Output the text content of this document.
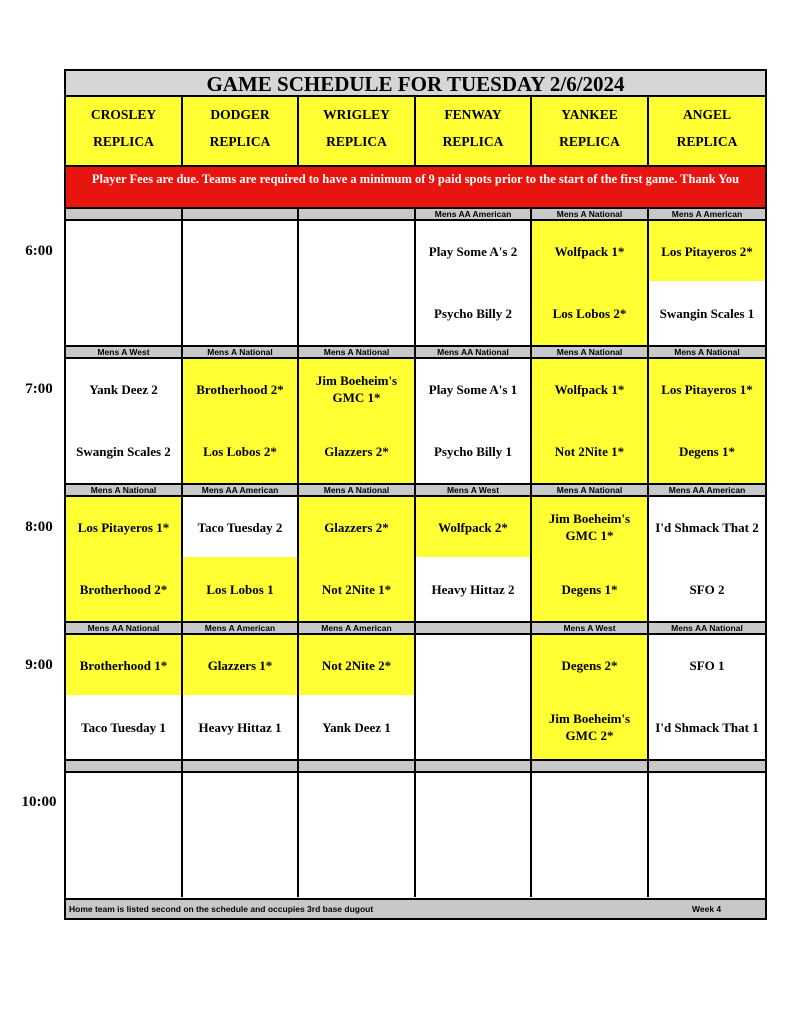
6:00
7:00
8:00
9:00
10:00
GAME SCHEDULE FOR TUESDAY 2/6/2024
CROSLEY
REPLICA
DODGER
REPLICA
WRIGLEY
REPLICA
FENWAY
REPLICA
YANKEE
REPLICA
ANGEL
REPLICA
Player Fees are due. Teams are required to have a minimum of 9 paid spots prior to the start of the first game. Thank You
Mens AA American
Play Some A's 2
Psycho Billy 2
Mens A National
Wolfpack 1*
Los Lobos 2*
Mens A American
Los Pitayeros 2*
Swangin Scales 1
Mens A West
Yank Deez 2
Swangin Scales 2
Mens A National
Brotherhood 2*
Los Lobos 2*
Mens A National
Jim Boeheim's GMC 1*
Glazzers 2*
Mens AA National
Play Some A's 1
Psycho Billy 1
Mens A National
Wolfpack 1*
Not 2Nite 1*
Mens A National
Los Pitayeros 1*
Degens 1*
Mens A National
Los Pitayeros 1*
Brotherhood 2*
Mens AA American
Taco Tuesday 2
Los Lobos 1
Mens A National
Glazzers 2*
Not 2Nite 1*
Mens A West
Wolfpack 2*
Heavy Hittaz 2
Mens A National
Jim Boeheim's GMC 1*
Degens 1*
Mens AA American
I'd Shmack That 2
SFO 2
Mens AA National
Brotherhood 1*
Taco Tuesday 1
Mens A American
Glazzers 1*
Heavy Hittaz 1
Mens A American
Not 2Nite 2*
Yank Deez 1
Mens A West
Degens 2*
Jim Boeheim's GMC 2*
Mens AA National
SFO 1
I'd Shmack That 1
Home team is listed second on the schedule and occupies 3rd base dugout	Week 4
